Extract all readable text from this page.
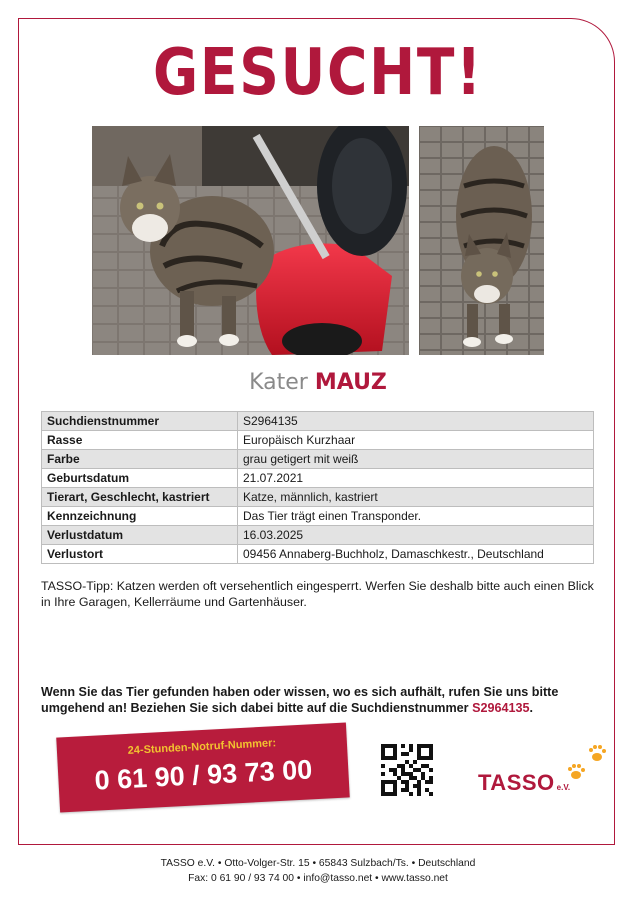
GESUCHT!
Kater MAUZ
Suchdienstnummer	S2964135
Rasse	Europäisch Kurzhaar
Farbe	grau getigert mit weiß
Geburtsdatum	21.07.2021
Tierart, Geschlecht, kastriert	Katze, männlich, kastriert
Kennzeichnung	Das Tier trägt einen Transponder.
Verlustdatum	16.03.2025
Verlustort	09456 Annaberg-Buchholz, Damaschkestr., Deutschland
TASSO-Tipp: Katzen werden oft versehentlich eingesperrt. Werfen Sie deshalb bitte auch einen Blick in Ihre Garagen, Kellerräume und Gartenhäuser.
Wenn Sie das Tier gefunden haben oder wissen, wo es sich aufhält, rufen Sie uns bitte umgehend an! Beziehen Sie sich dabei bitte auf die Suchdienstnummer S2964135.
24-Stunden-Notruf-Nummer:
0 61 90 / 93 73 00	TASSO e.V.
TASSO e.V. • Otto-Volger-Str. 15 • 65843 Sulzbach/Ts. • Deutschland
Fax: 0 61 90 / 93 74 00 • info@tasso.net • www.tasso.net
